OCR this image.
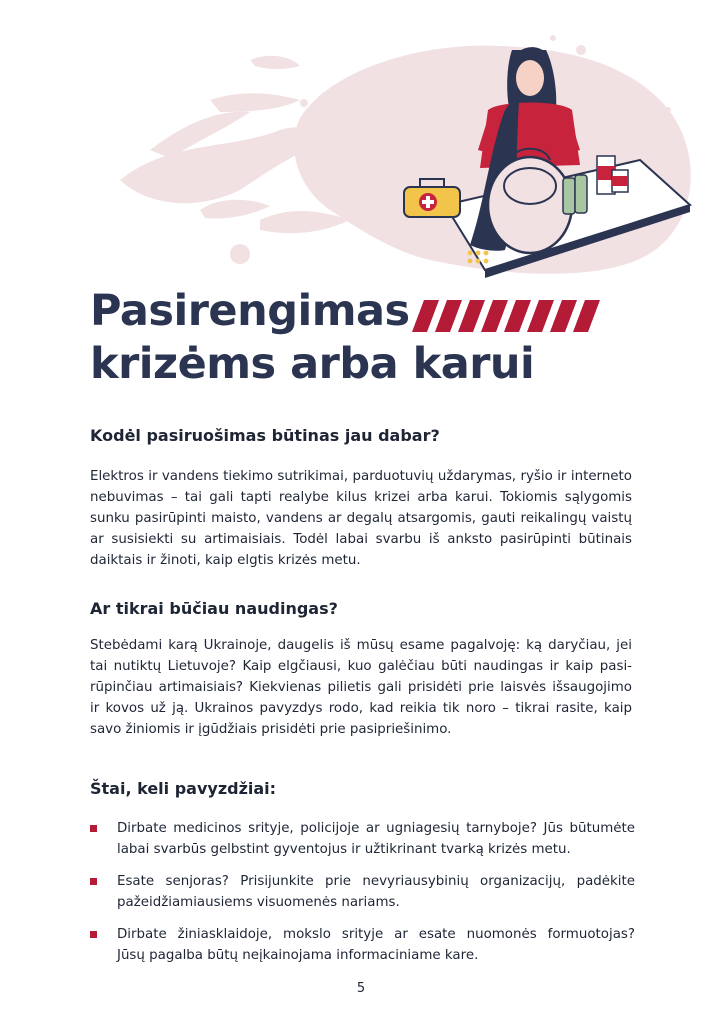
Pasirengimas
krizėms arba karui
Kodėl pasiruošimas būtinas jau dabar?
Elektros ir vandens tiekimo sutrikimai, parduotuvių uždarymas, ryšio ir interneto
nebuvimas – tai gali tapti realybe kilus krizei arba karui. Tokiomis sąlygomis
sunku pasirūpinti maisto, vandens ar degalų atsargomis, gauti reikalingų vaistų
ar susisiekti su artimaisiais. Todėl labai svarbu iš anksto pasirūpinti būtinais
daiktais ir žinoti, kaip elgtis krizės metu.
Ar tikrai būčiau naudingas?
Stebėdami karą Ukrainoje, daugelis iš mūsų esame pagalvoję: ką daryčiau, jei
tai nutiktų Lietuvoje? Kaip elgčiausi, kuo galėčiau būti naudingas ir kaip pasi-
rūpinčiau artimaisiais? Kiekvienas pilietis gali prisidėti prie laisvės išsaugojimo
ir kovos už ją. Ukrainos pavyzdys rodo, kad reikia tik noro – tikrai rasite, kaip
savo žiniomis ir įgūdžiais prisidėti prie pasipriešinimo.
Štai, keli pavyzdžiai:
Dirbate medicinos srityje, policijoje ar ugniagesių tarnyboje? Jūs būtumėte
labai svarbūs gelbstint gyventojus ir užtikrinant tvarką krizės metu.
Esate senjoras? Prisijunkite prie nevyriausybinių organizacijų, padėkite
pažeidžiamiausiems visuomenės nariams.
Dirbate žiniasklaidoje, mokslo srityje ar esate nuomonės formuotojas?
Jūsų pagalba būtų neįkainojama informaciniame kare.
5
